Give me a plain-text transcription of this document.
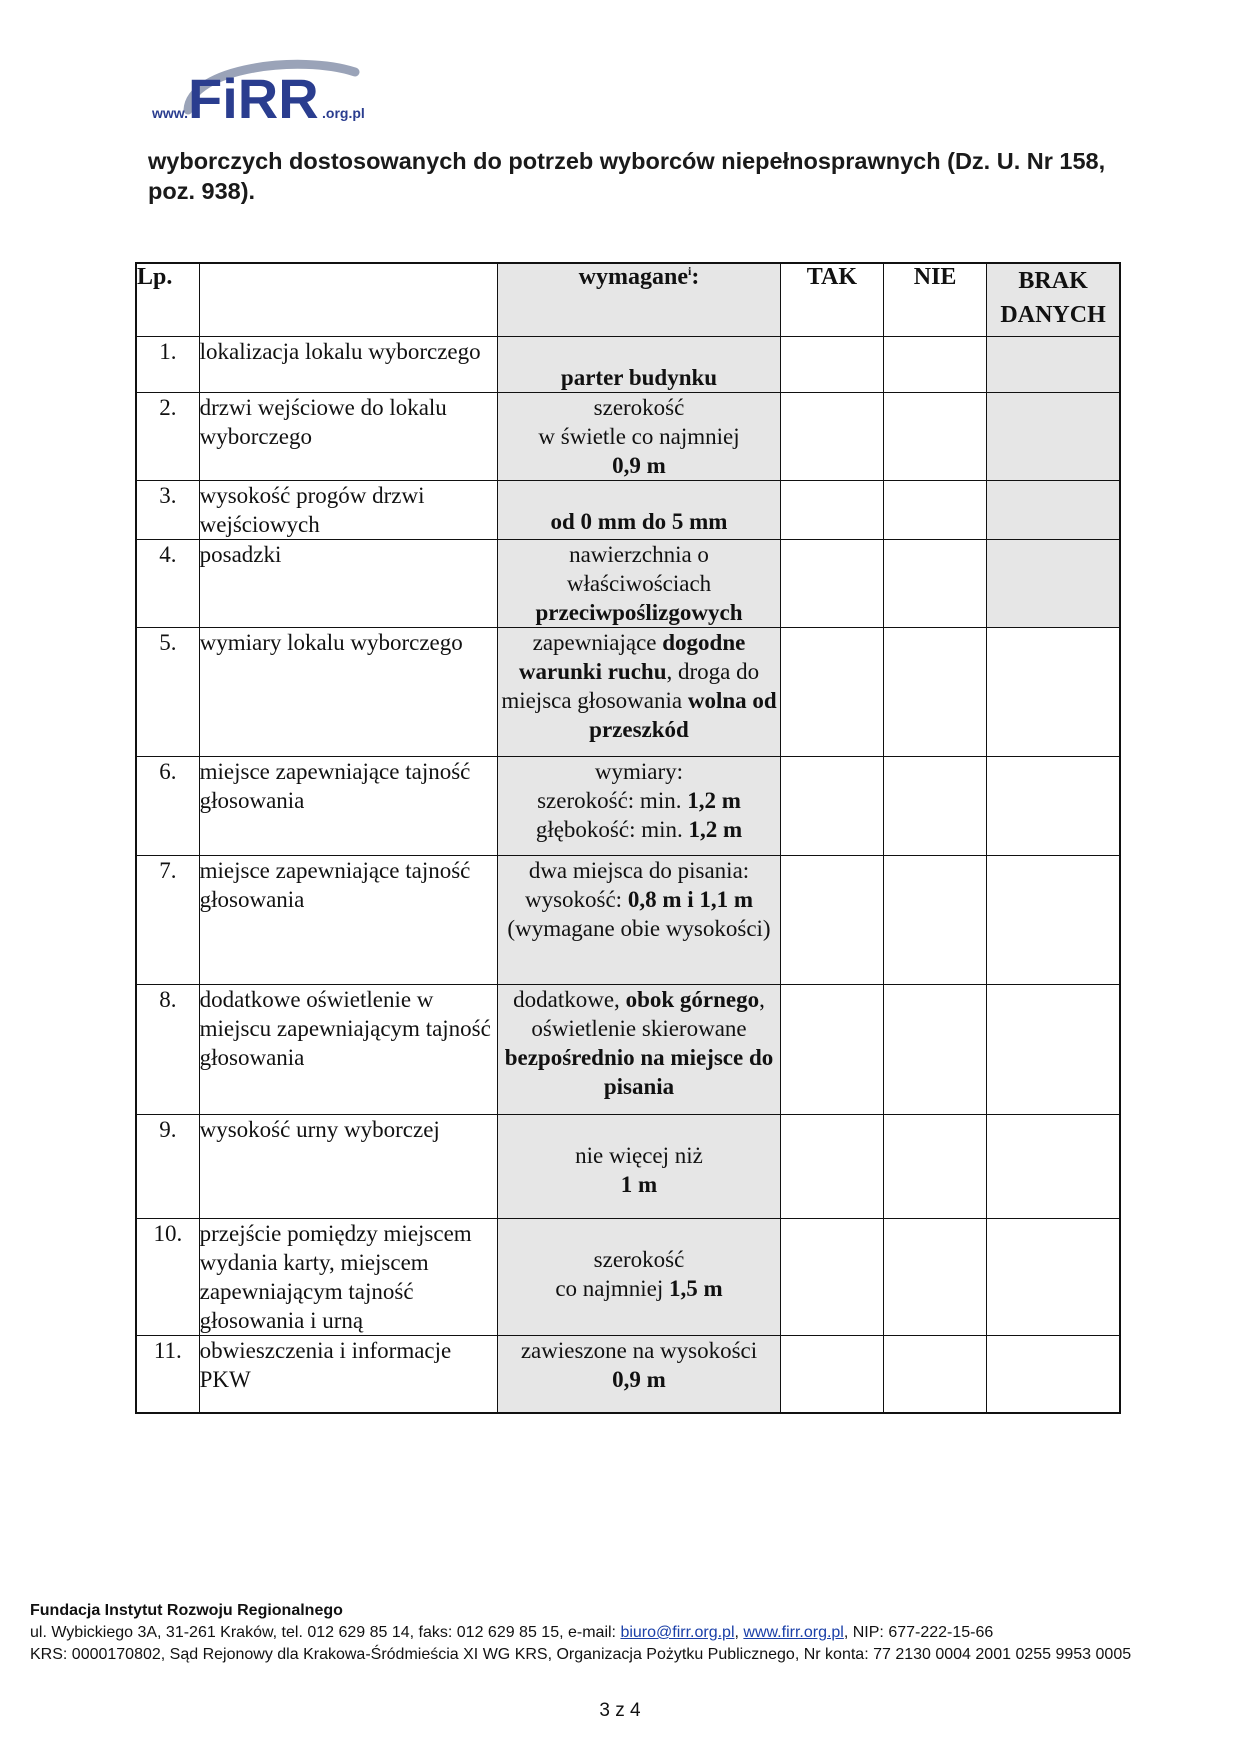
www. FiRR .org.pl

wyborczych dostosowanych do potrzeb wyborców niepełnosprawnych (Dz. U. Nr 158, poz. 938).

Lp.		wymagane$^i$:	TAK	NIE	BRAK
DANYCH
1.	lokalizacja lokalu wyborczego	parter budynku			
2.	drzwi wejściowe do lokalu wyborczego	szerokość
w świetle co najmniej
0,9 m			
3.	wysokość progów drzwi wejściowych	od 0 mm do 5 mm			
4.	posadzki	nawierzchnia o
właściwościach
przeciwpoślizgowych			
5.	wymiary lokalu wyborczego	zapewniające dogodne warunki ruchu, droga do miejsca głosowania wolna od przeszkód			
6.	miejsce zapewniające tajność głosowania	wymiary:
szerokość: min. 1,2 m
głębokość: min. 1,2 m			
7.	miejsce zapewniające tajność głosowania	dwa miejsca do pisania:
wysokość: 0,8 m i 1,1 m
(wymagane obie wysokości)			
8.	dodatkowe oświetlenie w miejscu zapewniającym tajność głosowania	dodatkowe, obok górnego, oświetlenie skierowane bezpośrednio na miejsce do pisania			
9.	wysokość urny wyborczej	nie więcej niż
1 m			
10.	przejście pomiędzy miejscem wydania karty, miejscem zapewniającym tajność głosowania i urną	szerokość
co najmniej 1,5 m			
11.	obwieszczenia i informacje PKW	zawieszone na wysokości
0,9 m			
Fundacja Instytut Rozwoju Regionalnego
ul. Wybickiego 3A, 31-261 Kraków, tel. 012 629 85 14, faks: 012 629 85 15, e-mail: biuro@firr.org.pl, www.firr.org.pl, NIP: 677-222-15-66
KRS: 0000170802, Sąd Rejonowy dla Krakowa-Śródmieścia XI WG KRS, Organizacja Pożytku Publicznego, Nr konta: 77 2130 0004 2001 0255 9953 0005
3 z 4
